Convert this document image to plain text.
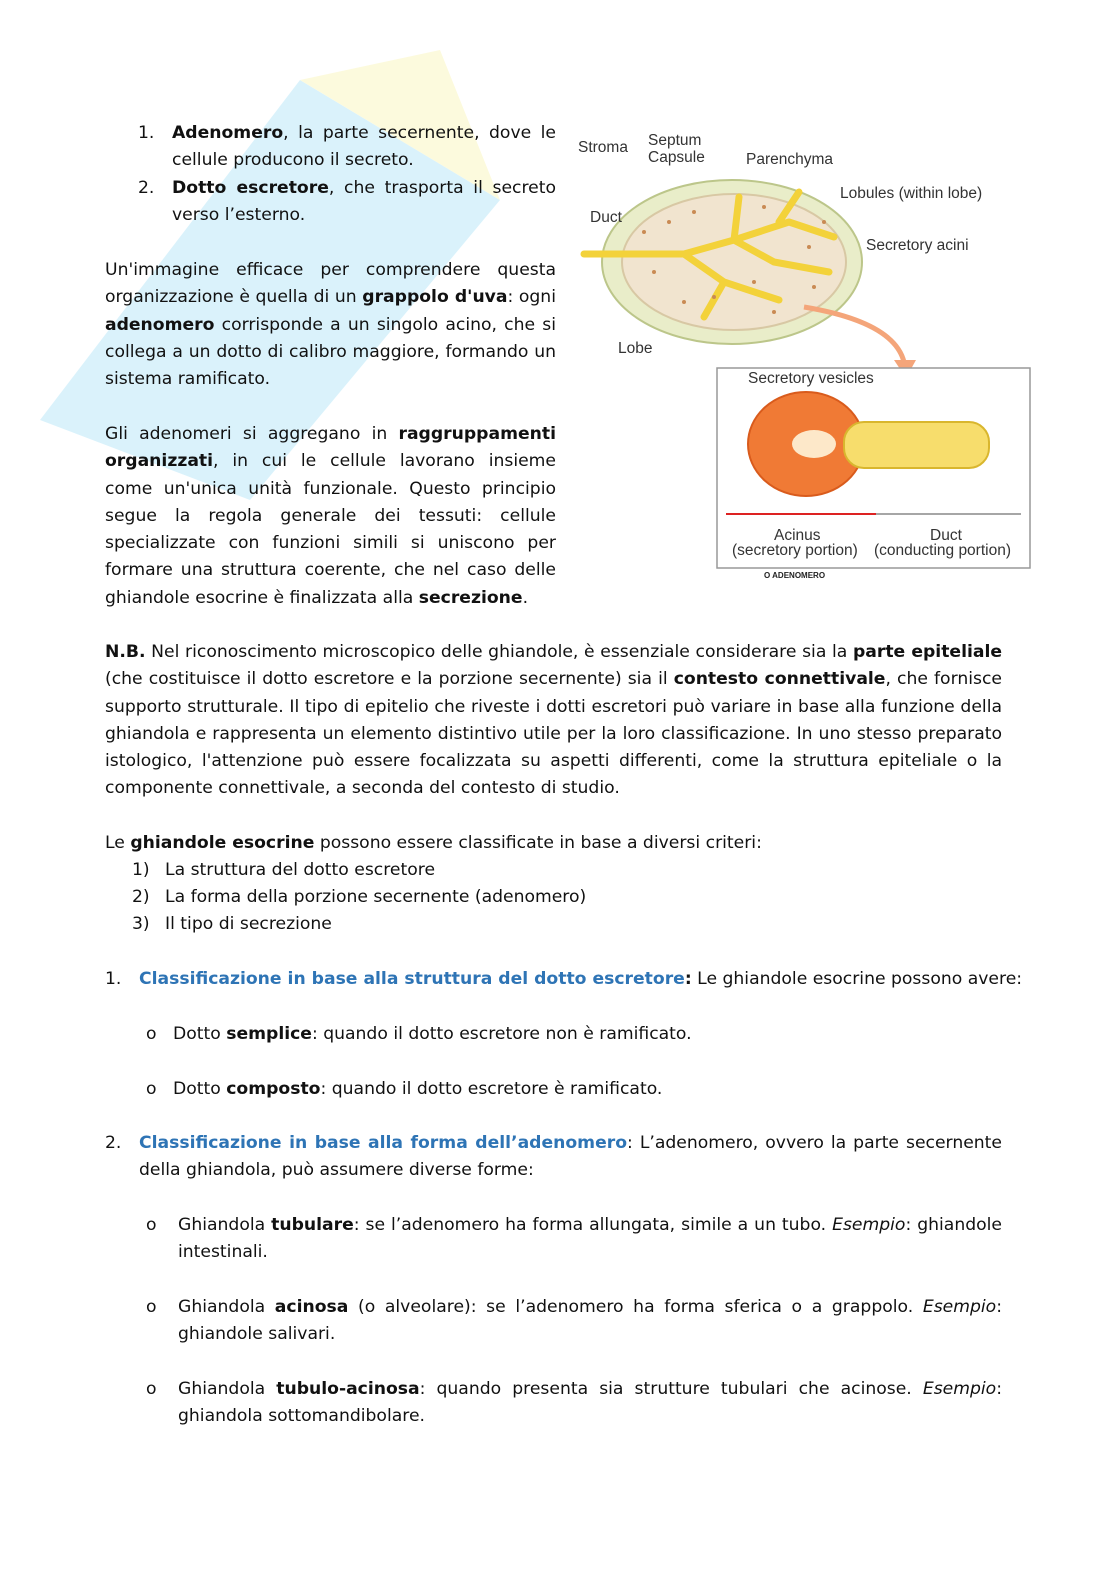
1. Adenomero, la parte secernente, dove le cellule producono il secreto.
2. Dotto escretore, che trasporta il secreto verso l’esterno.
Un'immagine efficace per comprendere questa organizzazione è quella di un grappolo d'uva: ogni adenomero corrisponde a un singolo acino, che si collega a un dotto di calibro maggiore, formando un sistema ramificato.
Gli adenomeri si aggregano in raggruppamenti organizzati, in cui le cellule lavorano insieme come un'unica unità funzionale. Questo principio segue la regola generale dei tessuti: cellule specializzate con funzioni simili si uniscono per formare una struttura coerente, che nel caso delle ghiandole esocrine è finalizzata alla secrezione.
Stroma Septum
Capsule	Parenchyma
Lobules (within lobe)
Duct
Secretory acini
Lobe
Secretory vesicles
Acinus
(secretory portion)
Duct
(conducting portion)
O ADENOMERO
N.B. Nel riconoscimento microscopico delle ghiandole, è essenziale considerare sia la parte epiteliale (che costituisce il dotto escretore e la porzione secernente) sia il contesto connettivale, che fornisce supporto strutturale. Il tipo di epitelio che riveste i dotti escretori può variare in base alla funzione della ghiandola e rappresenta un elemento distintivo utile per la loro classificazione. In uno stesso preparato istologico, l'attenzione può essere focalizzata su aspetti differenti, come la struttura epiteliale o la componente connettivale, a seconda del contesto di studio.
Le ghiandole esocrine possono essere classificate in base a diversi criteri:
1) La struttura del dotto escretore
2) La forma della porzione secernente (adenomero)
3) Il tipo di secrezione
1. Classificazione in base alla struttura del dotto escretore: Le ghiandole esocrine possono avere:
o Dotto semplice: quando il dotto escretore non è ramificato.
o Dotto composto: quando il dotto escretore è ramificato.
2. Classificazione in base alla forma dell’adenomero: L’adenomero, ovvero la parte secernente della ghiandola, può assumere diverse forme:
o Ghiandola tubulare: se l’adenomero ha forma allungata, simile a un tubo. Esempio: ghiandole intestinali.
o Ghiandola acinosa (o alveolare): se l’adenomero ha forma sferica o a grappolo. Esempio: ghiandole salivari.
o Ghiandola tubulo-acinosa: quando presenta sia strutture tubulari che acinose. Esempio: ghiandola sottomandibolare.
